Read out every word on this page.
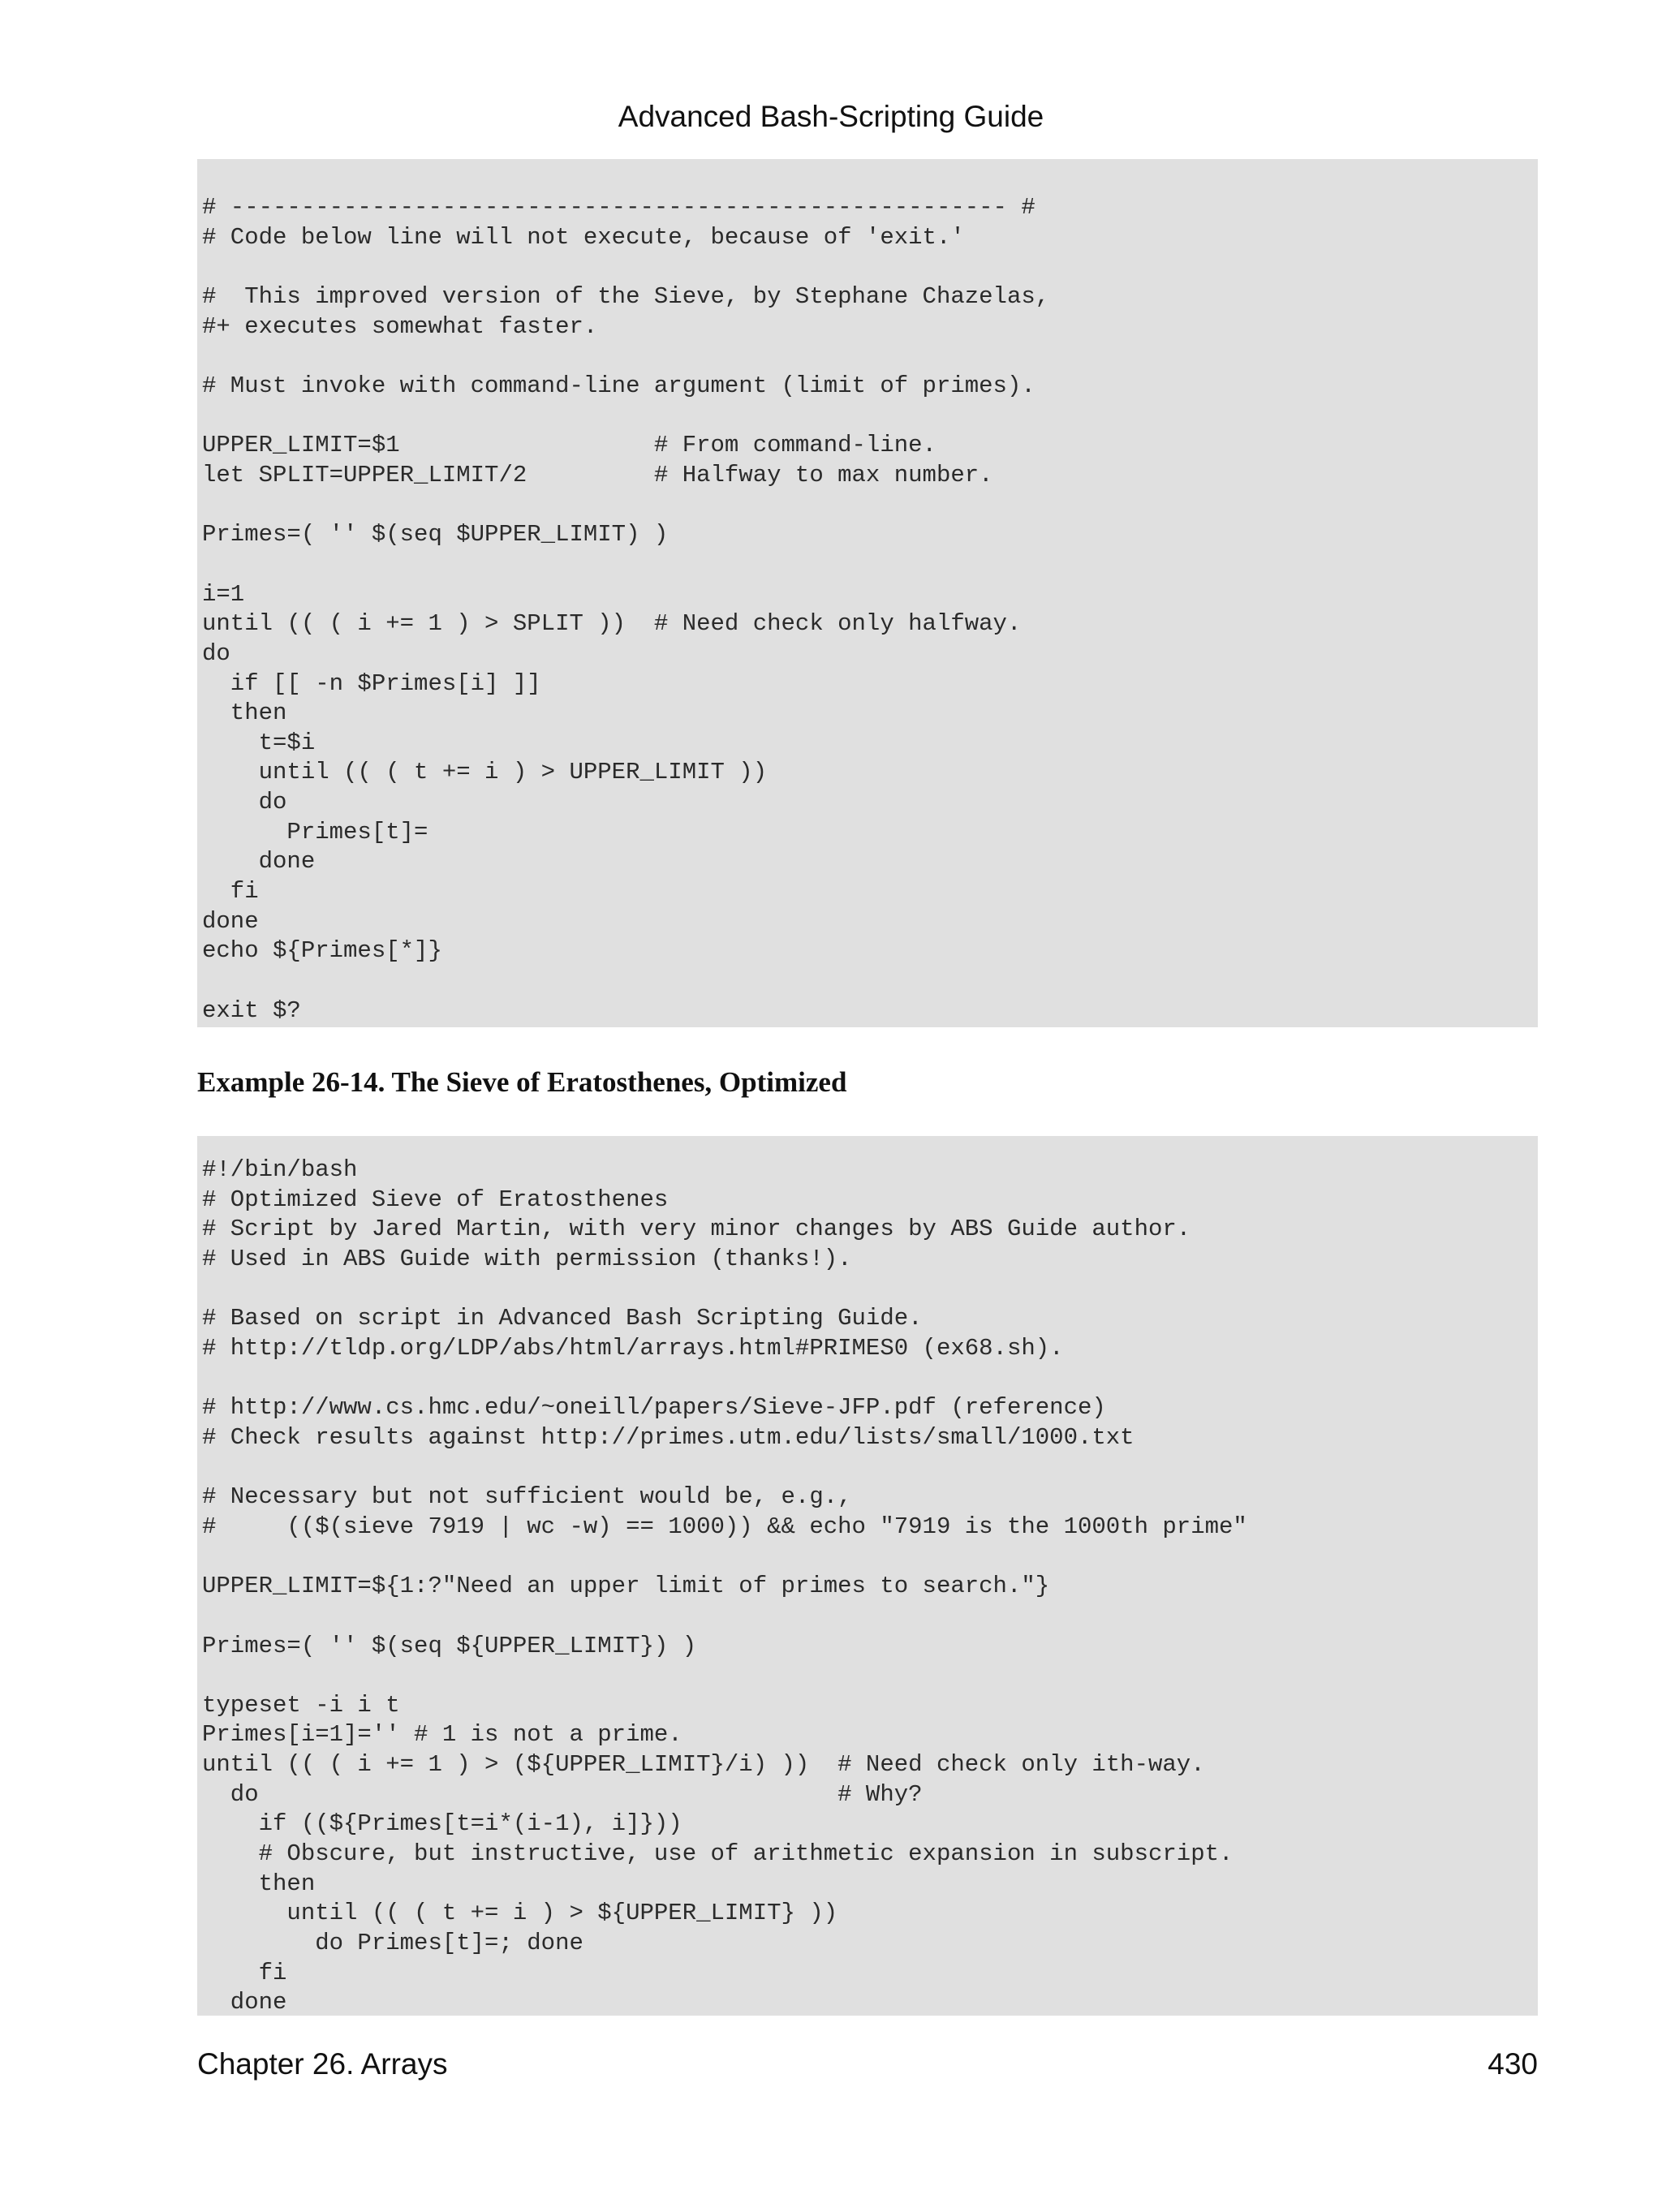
Advanced Bash-Scripting Guide
# ------------------------------------------------------- #
# Code below line will not execute, because of 'exit.'

#  This improved version of the Sieve, by Stephane Chazelas,
#+ executes somewhat faster.

# Must invoke with command-line argument (limit of primes).

UPPER_LIMIT=$1                  # From command-line.
let SPLIT=UPPER_LIMIT/2         # Halfway to max number.

Primes=( '' $(seq $UPPER_LIMIT) )

i=1
until (( ( i += 1 ) > SPLIT ))  # Need check only halfway.
do
if [[ -n $Primes[i] ]]
then
t=$i
until (( ( t += i ) > UPPER_LIMIT ))
do
Primes[t]=
done
fi
done
echo ${Primes[*]}

exit $?
Example 26-14. The Sieve of Eratosthenes, Optimized
#!/bin/bash
# Optimized Sieve of Eratosthenes
# Script by Jared Martin, with very minor changes by ABS Guide author.
# Used in ABS Guide with permission (thanks!).

# Based on script in Advanced Bash Scripting Guide.
# http://tldp.org/LDP/abs/html/arrays.html#PRIMES0 (ex68.sh).

# http://www.cs.hmc.edu/~oneill/papers/Sieve-JFP.pdf (reference)
# Check results against http://primes.utm.edu/lists/small/1000.txt

# Necessary but not sufficient would be, e.g.,
#     (($(sieve 7919 | wc -w) == 1000)) && echo "7919 is the 1000th prime"

UPPER_LIMIT=${1:?"Need an upper limit of primes to search."}

Primes=( '' $(seq ${UPPER_LIMIT}) )

typeset -i i t
Primes[i=1]='' # 1 is not a prime.
until (( ( i += 1 ) > (${UPPER_LIMIT}/i) ))  # Need check only ith-way.
do                                         # Why?
if ((${Primes[t=i*(i-1), i]}))
# Obscure, but instructive, use of arithmetic expansion in subscript.
then
until (( ( t += i ) > ${UPPER_LIMIT} ))
do Primes[t]=; done
fi
done
Chapter 26. Arrays	430
